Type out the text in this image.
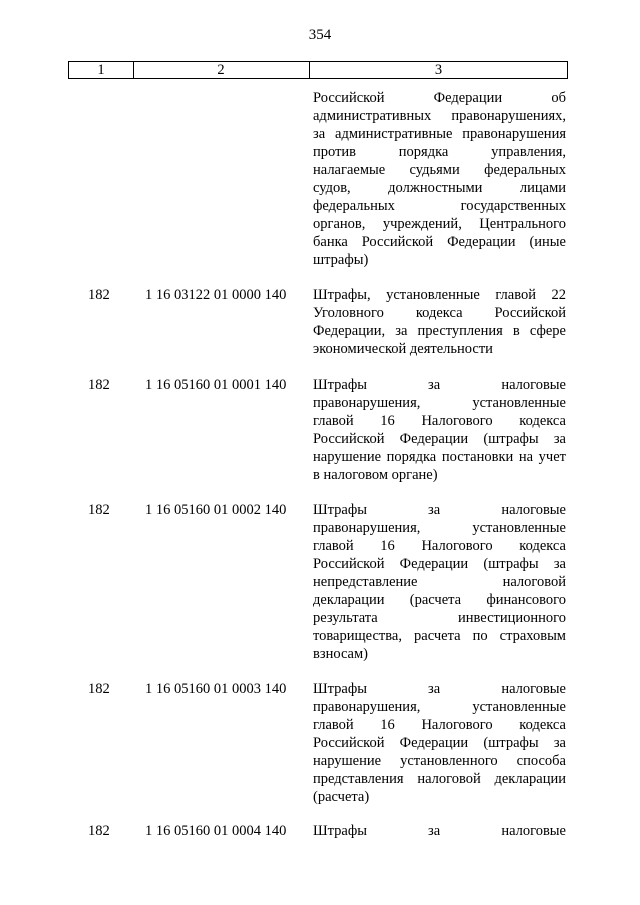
354
1	2	3

Российской Федерации об
административных правонарушениях,
за административные правонарушения
против порядка управления,
налагаемые судьями федеральных
судов, должностными лицами
федеральных государственных
органов, учреждений, Центрального
банка Российской Федерации (иные
штрафы)

182 1 16 03122 01 0000 140 Штрафы, установленные главой 22
Уголовного кодекса Российской
Федерации, за преступления в сфере
экономической деятельности

182 1 16 05160 01 0001 140 Штрафы за налоговые
правонарушения, установленные
главой 16 Налогового кодекса
Российской Федерации (штрафы за
нарушение порядка постановки на учет
в налоговом органе)

182 1 16 05160 01 0002 140 Штрафы за налоговые
правонарушения, установленные
главой 16 Налогового кодекса
Российской Федерации (штрафы за
непредставление налоговой
декларации (расчета финансового
результата инвестиционного
товарищества, расчета по страховым
взносам)

182 1 16 05160 01 0003 140 Штрафы за налоговые
правонарушения, установленные
главой 16 Налогового кодекса
Российской Федерации (штрафы за
нарушение установленного способа
представления налоговой декларации
(расчета)

182 1 16 05160 01 0004 140 Штрафы за налоговые
